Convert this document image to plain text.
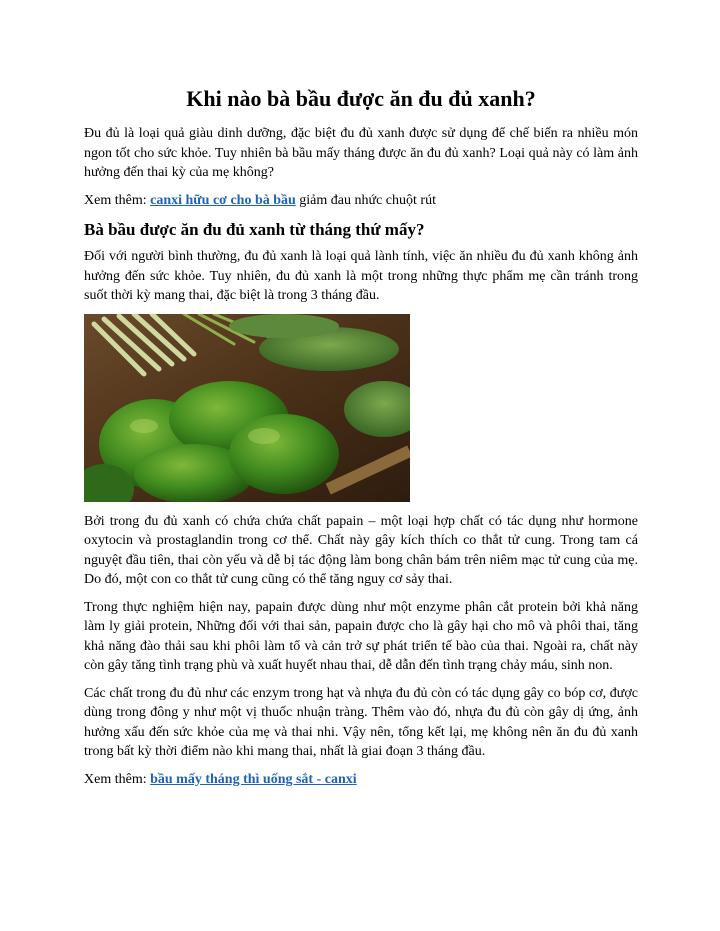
Khi nào bà bầu được ăn đu đủ xanh?

Đu đủ là loại quả giàu dinh dưỡng, đặc biệt đu đủ xanh được sử dụng để chế biến ra nhiều món ngon tốt cho sức khỏe. Tuy nhiên bà bầu mấy tháng được ăn đu đủ xanh? Loại quả này có làm ảnh hưởng đến thai kỳ của mẹ không?

Xem thêm: canxi hữu cơ cho bà bầu giảm đau nhức chuột rút

Bà bầu được ăn đu đủ xanh từ tháng thứ mấy?

Đối với người bình thường, đu đủ xanh là loại quả lành tính, việc ăn nhiều đu đủ xanh không ảnh hưởng đến sức khỏe. Tuy nhiên, đu đủ xanh là một trong những thực phẩm mẹ cần tránh trong suốt thời kỳ mang thai, đặc biệt là trong 3 tháng đầu.

Bởi trong đu đủ xanh có chứa chứa chất papain – một loại hợp chất có tác dụng như hormone oxytocin và prostaglandin trong cơ thể. Chất này gây kích thích co thắt tử cung. Trong tam cá nguyệt đầu tiên, thai còn yếu và dễ bị tác động làm bong chân bám trên niêm mạc tử cung của mẹ. Do đó, một con co thắt tử cung cũng có thể tăng nguy cơ sảy thai.

Trong thực nghiệm hiện nay, papain được dùng như một enzyme phân cắt protein bởi khả năng làm ly giải protein, Những đối với thai sản, papain được cho là gây hại cho mô và phôi thai, tăng khả năng đào thải sau khi phôi làm tổ và cản trở sự phát triển tế bào của thai. Ngoài ra, chất này còn gây tăng tình trạng phù và xuất huyết nhau thai, dễ dẫn đến tình trạng chảy máu, sinh non.

Các chất trong đu đủ như các enzym trong hạt và nhựa đu đủ còn có tác dụng gây co bóp cơ, được dùng trong đông y như một vị thuốc nhuận tràng. Thêm vào đó, nhựa đu đủ còn gây dị ứng, ảnh hưởng xấu đến sức khỏe của mẹ và thai nhi. Vậy nên, tổng kết lại, mẹ không nên ăn đu đủ xanh trong bất kỳ thời điểm nào khi mang thai, nhất là giai đoạn 3 tháng đầu.

Xem thêm: bầu mấy tháng thì uống sắt - canxi
